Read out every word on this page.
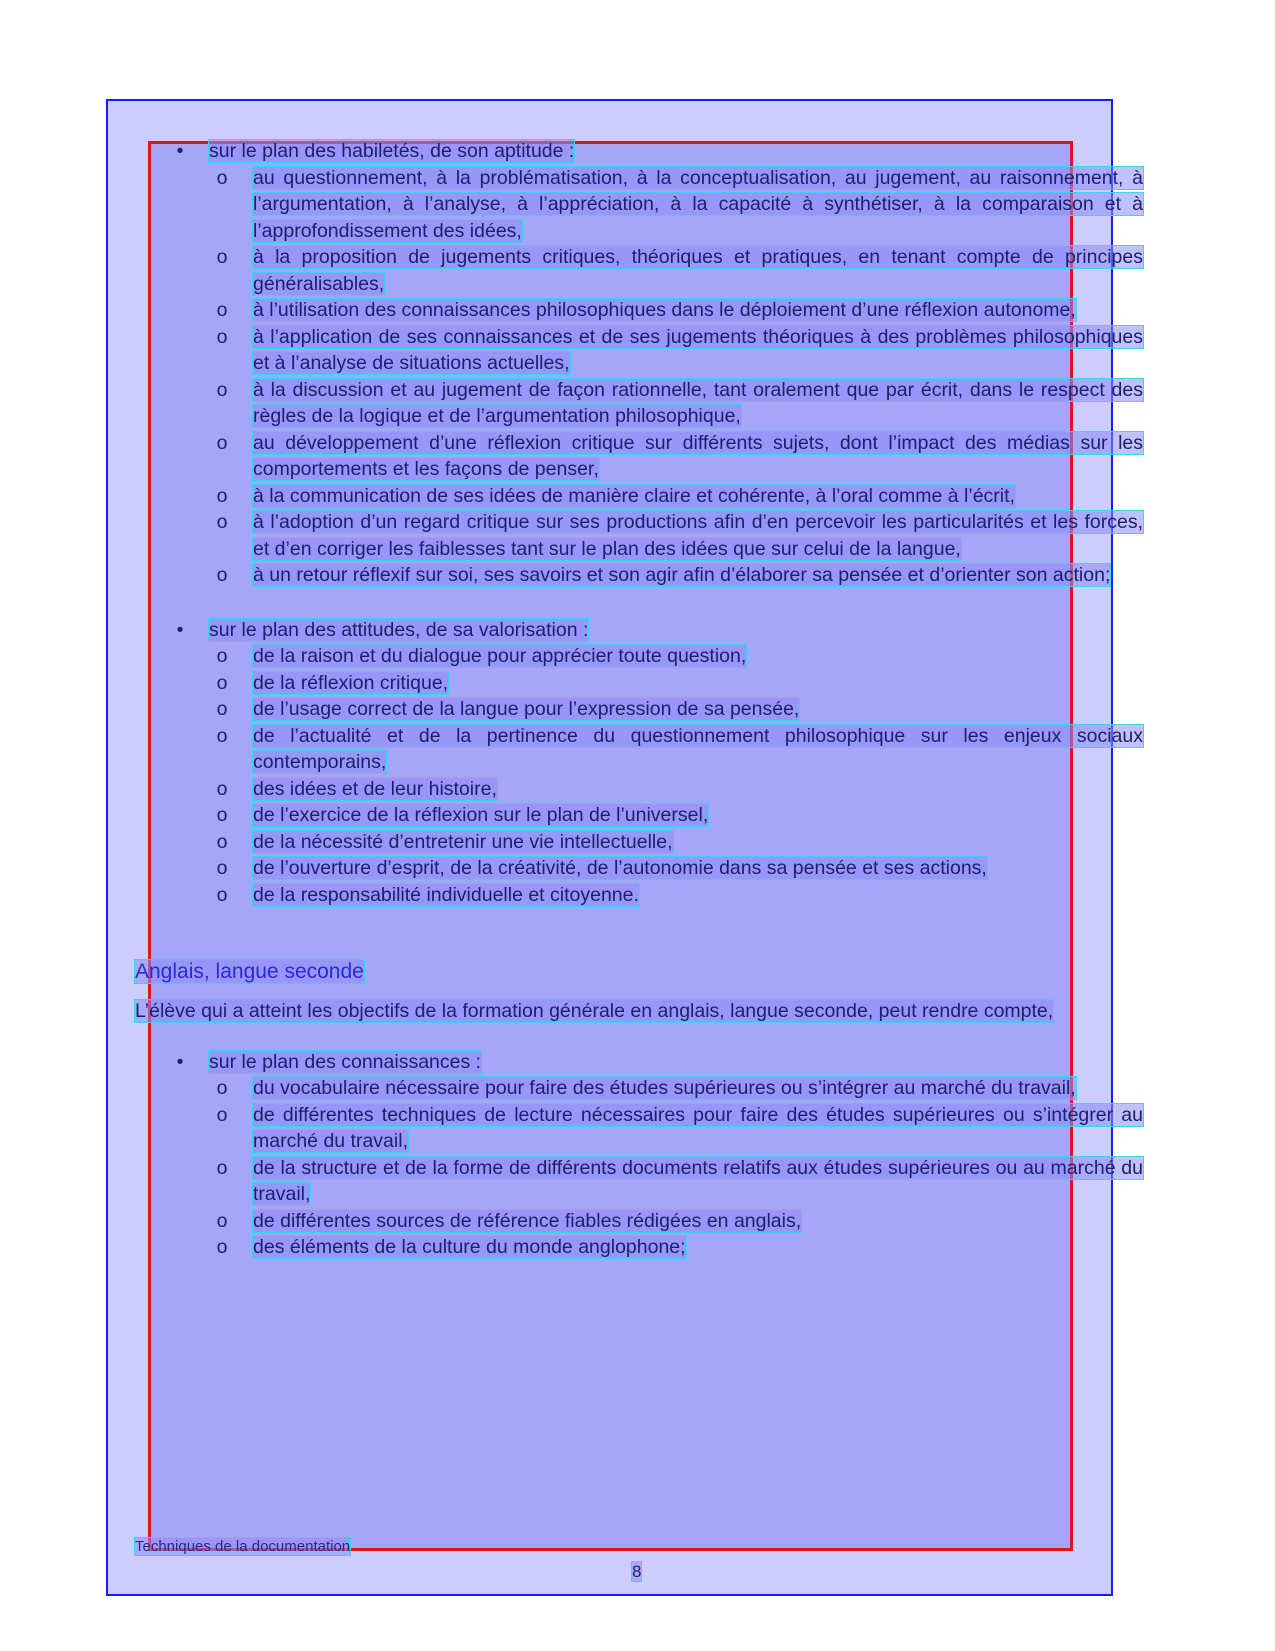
• sur le plan des habiletés, de son aptitude :

o au questionnement, à la problématisation, à la conceptualisation, au jugement, au raisonnement, à l’argumentation, à l’analyse, à l’appréciation, à la capacité à synthétiser, à la comparaison et à l’approfondissement des idées,

o à la proposition de jugements critiques, théoriques et pratiques, en tenant compte de principes généralisables,

o à l’utilisation des connaissances philosophiques dans le déploiement d’une réflexion autonome,

o à l’application de ses connaissances et de ses jugements théoriques à des problèmes philosophiques et à l’analyse de situations actuelles,

o à la discussion et au jugement de façon rationnelle, tant oralement que par écrit, dans le respect des règles de la logique et de l’argumentation philosophique,

o au développement d’une réflexion critique sur différents sujets, dont l’impact des médias sur les comportements et les façons de penser,

o à la communication de ses idées de manière claire et cohérente, à l’oral comme à l’écrit,

o à l’adoption d’un regard critique sur ses productions afin d’en percevoir les particularités et les forces, et d’en corriger les faiblesses tant sur le plan des idées que sur celui de la langue,

o à un retour réflexif sur soi, ses savoirs et son agir afin d’élaborer sa pensée et d’orienter son action;

• sur le plan des attitudes, de sa valorisation :

o de la raison et du dialogue pour apprécier toute question,

o de la réflexion critique,

o de l’usage correct de la langue pour l’expression de sa pensée,

o de l’actualité et de la pertinence du questionnement philosophique sur les enjeux sociaux contemporains,

o des idées et de leur histoire,

o de l’exercice de la réflexion sur le plan de l’universel,

o de la nécessité d’entretenir une vie intellectuelle,

o de l’ouverture d’esprit, de la créativité, de l’autonomie dans sa pensée et ses actions,

o de la responsabilité individuelle et citoyenne.

Anglais, langue seconde

L’élève qui a atteint les objectifs de la formation générale en anglais, langue seconde, peut rendre compte,

• sur le plan des connaissances :

o du vocabulaire nécessaire pour faire des études supérieures ou s’intégrer au marché du travail,

o de différentes techniques de lecture nécessaires pour faire des études supérieures ou s’intégrer au marché du travail,

o de la structure et de la forme de différents documents relatifs aux études supérieures ou au marché du travail,

o de différentes sources de référence fiables rédigées en anglais,

o des éléments de la culture du monde anglophone;

Techniques de la documentation
8
